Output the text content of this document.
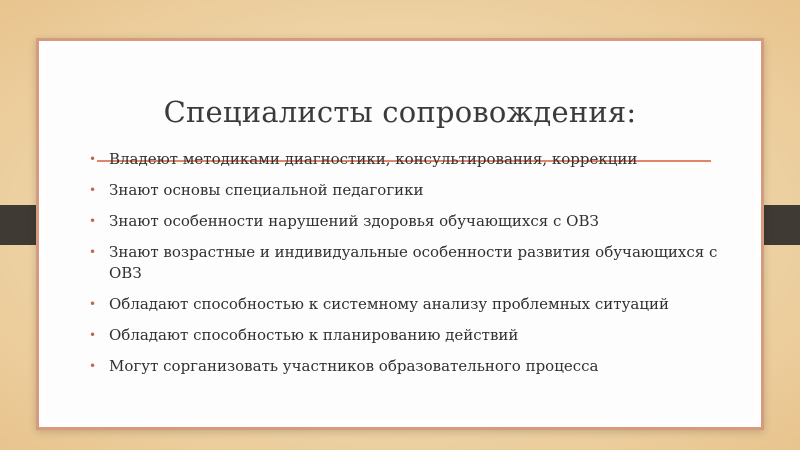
Специалисты сопровождения:
• Владеют методиками диагностики, консультирования, коррекции
• Знают основы специальной педагогики
• Знают особенности нарушений здоровья обучающихся с ОВЗ
• Знают возрастные и индивидуальные особенности развития обучающихся с ОВЗ
• Обладают способностью к системному анализу проблемных ситуаций
• Обладают способностью к планированию действий
• Могут сорганизовать участников образовательного процесса
